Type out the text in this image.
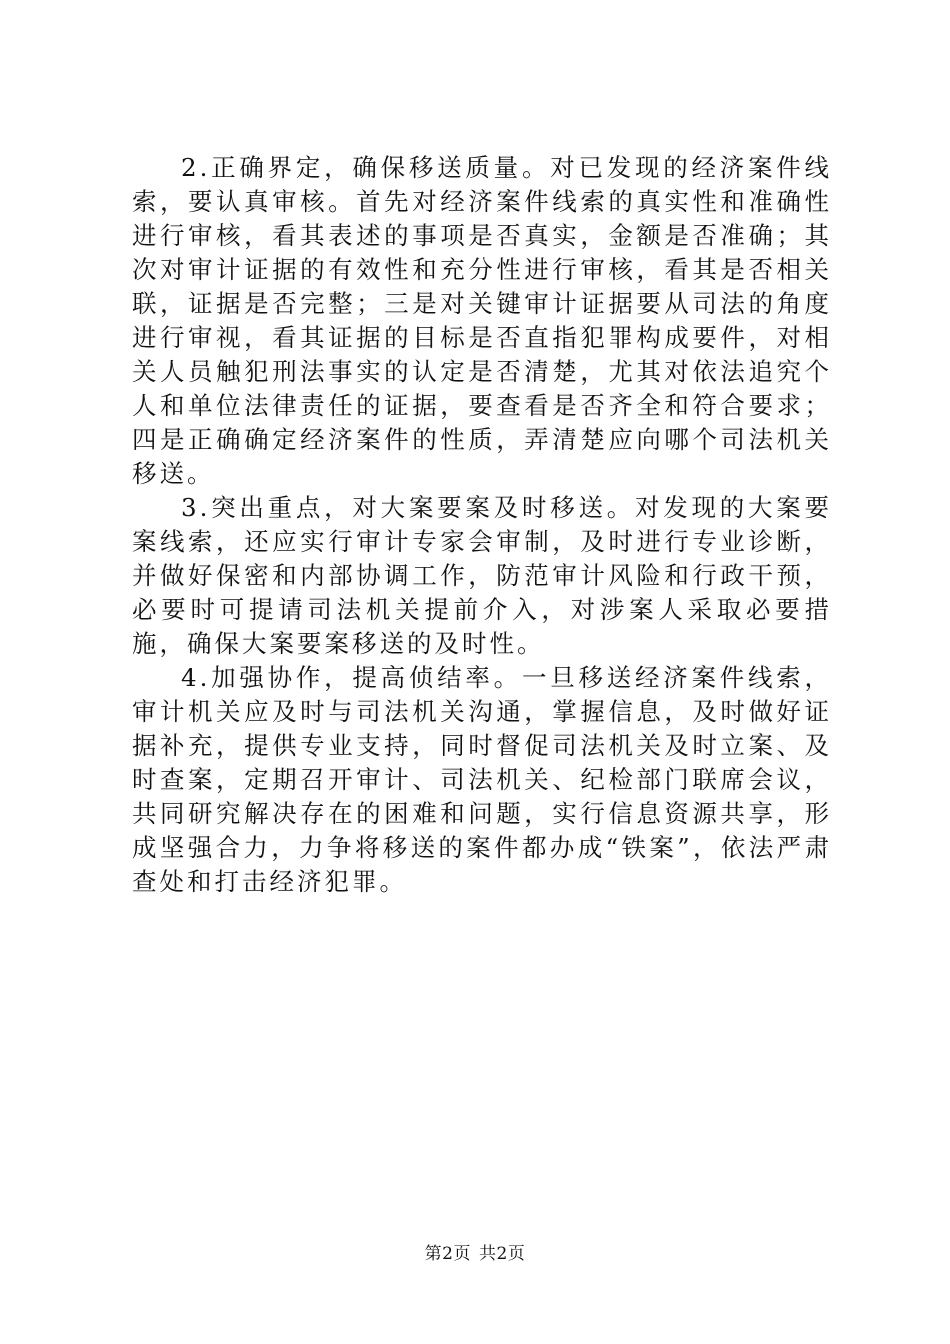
2.正确界定，确保移送质量。对已发现的经济案件线索，要认真审核。首先对经济案件线索的真实性和准确性进行审核，看其表述的事项是否真实，金额是否准确；其次对审计证据的有效性和充分性进行审核，看其是否相关联，证据是否完整；三是对关键审计证据要从司法的角度进行审视，看其证据的目标是否直指犯罪构成要件，对相关人员触犯刑法事实的认定是否清楚，尤其对依法追究个人和单位法律责任的证据，要查看是否齐全和符合要求；四是正确确定经济案件的性质，弄清楚应向哪个司法机关移送。

3.突出重点，对大案要案及时移送。对发现的大案要案线索，还应实行审计专家会审制，及时进行专业诊断，并做好保密和内部协调工作，防范审计风险和行政干预，必要时可提请司法机关提前介入，对涉案人采取必要措施，确保大案要案移送的及时性。

4.加强协作，提高侦结率。一旦移送经济案件线索，审计机关应及时与司法机关沟通，掌握信息，及时做好证据补充，提供专业支持，同时督促司法机关及时立案、及时查案，定期召开审计、司法机关、纪检部门联席会议，共同研究解决存在的困难和问题，实行信息资源共享，形成坚强合力，力争将移送的案件都办成“铁案”，依法严肃查处和打击经济犯罪。

第2页 共2页
